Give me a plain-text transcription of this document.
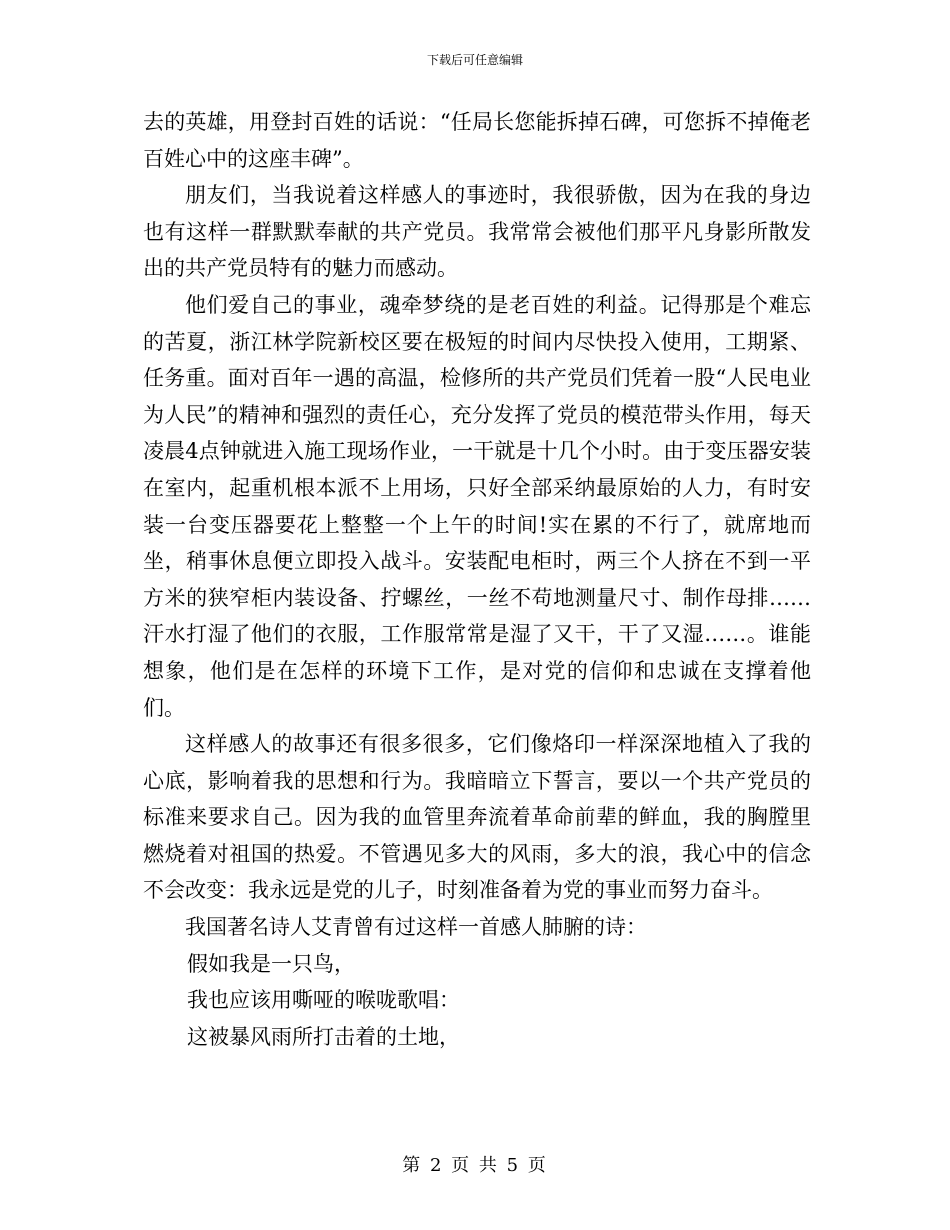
下载后可任意编辑

去的英雄，用登封百姓的话说：“任局长您能拆掉石碑，可您拆不掉俺老百姓心中的这座丰碑”。

朋友们，当我说着这样感人的事迹时，我很骄傲，因为在我的身边也有这样一群默默奉献的共产党员。我常常会被他们那平凡身影所散发出的共产党员特有的魅力而感动。

他们爱自己的事业，魂牵梦绕的是老百姓的利益。记得那是个难忘的苦夏，浙江林学院新校区要在极短的时间内尽快投入使用，工期紧、任务重。面对百年一遇的高温，检修所的共产党员们凭着一股“人民电业为人民”的精神和强烈的责任心，充分发挥了党员的模范带头作用，每天凌晨4点钟就进入施工现场作业，一干就是十几个小时。由于变压器安装在室内，起重机根本派不上用场，只好全部采纳最原始的人力，有时安装一台变压器要花上整整一个上午的时间!实在累的不行了，就席地而坐，稍事休息便立即投入战斗。安装配电柜时，两三个人挤在不到一平方米的狭窄柜内装设备、拧螺丝，一丝不苟地测量尺寸、制作母排……汗水打湿了他们的衣服，工作服常常是湿了又干，干了又湿……。谁能想象，他们是在怎样的环境下工作，是对党的信仰和忠诚在支撑着他们。

这样感人的故事还有很多很多，它们像烙印一样深深地植入了我的心底，影响着我的思想和行为。我暗暗立下誓言，要以一个共产党员的标准来要求自己。因为我的血管里奔流着革命前辈的鲜血，我的胸膛里燃烧着对祖国的热爱。不管遇见多大的风雨，多大的浪，我心中的信念不会改变：我永远是党的儿子，时刻准备着为党的事业而努力奋斗。

我国著名诗人艾青曾有过这样一首感人肺腑的诗：

假如我是一只鸟，

我也应该用嘶哑的喉咙歌唱：

这被暴风雨所打击着的土地，

第 2 页 共 5 页
